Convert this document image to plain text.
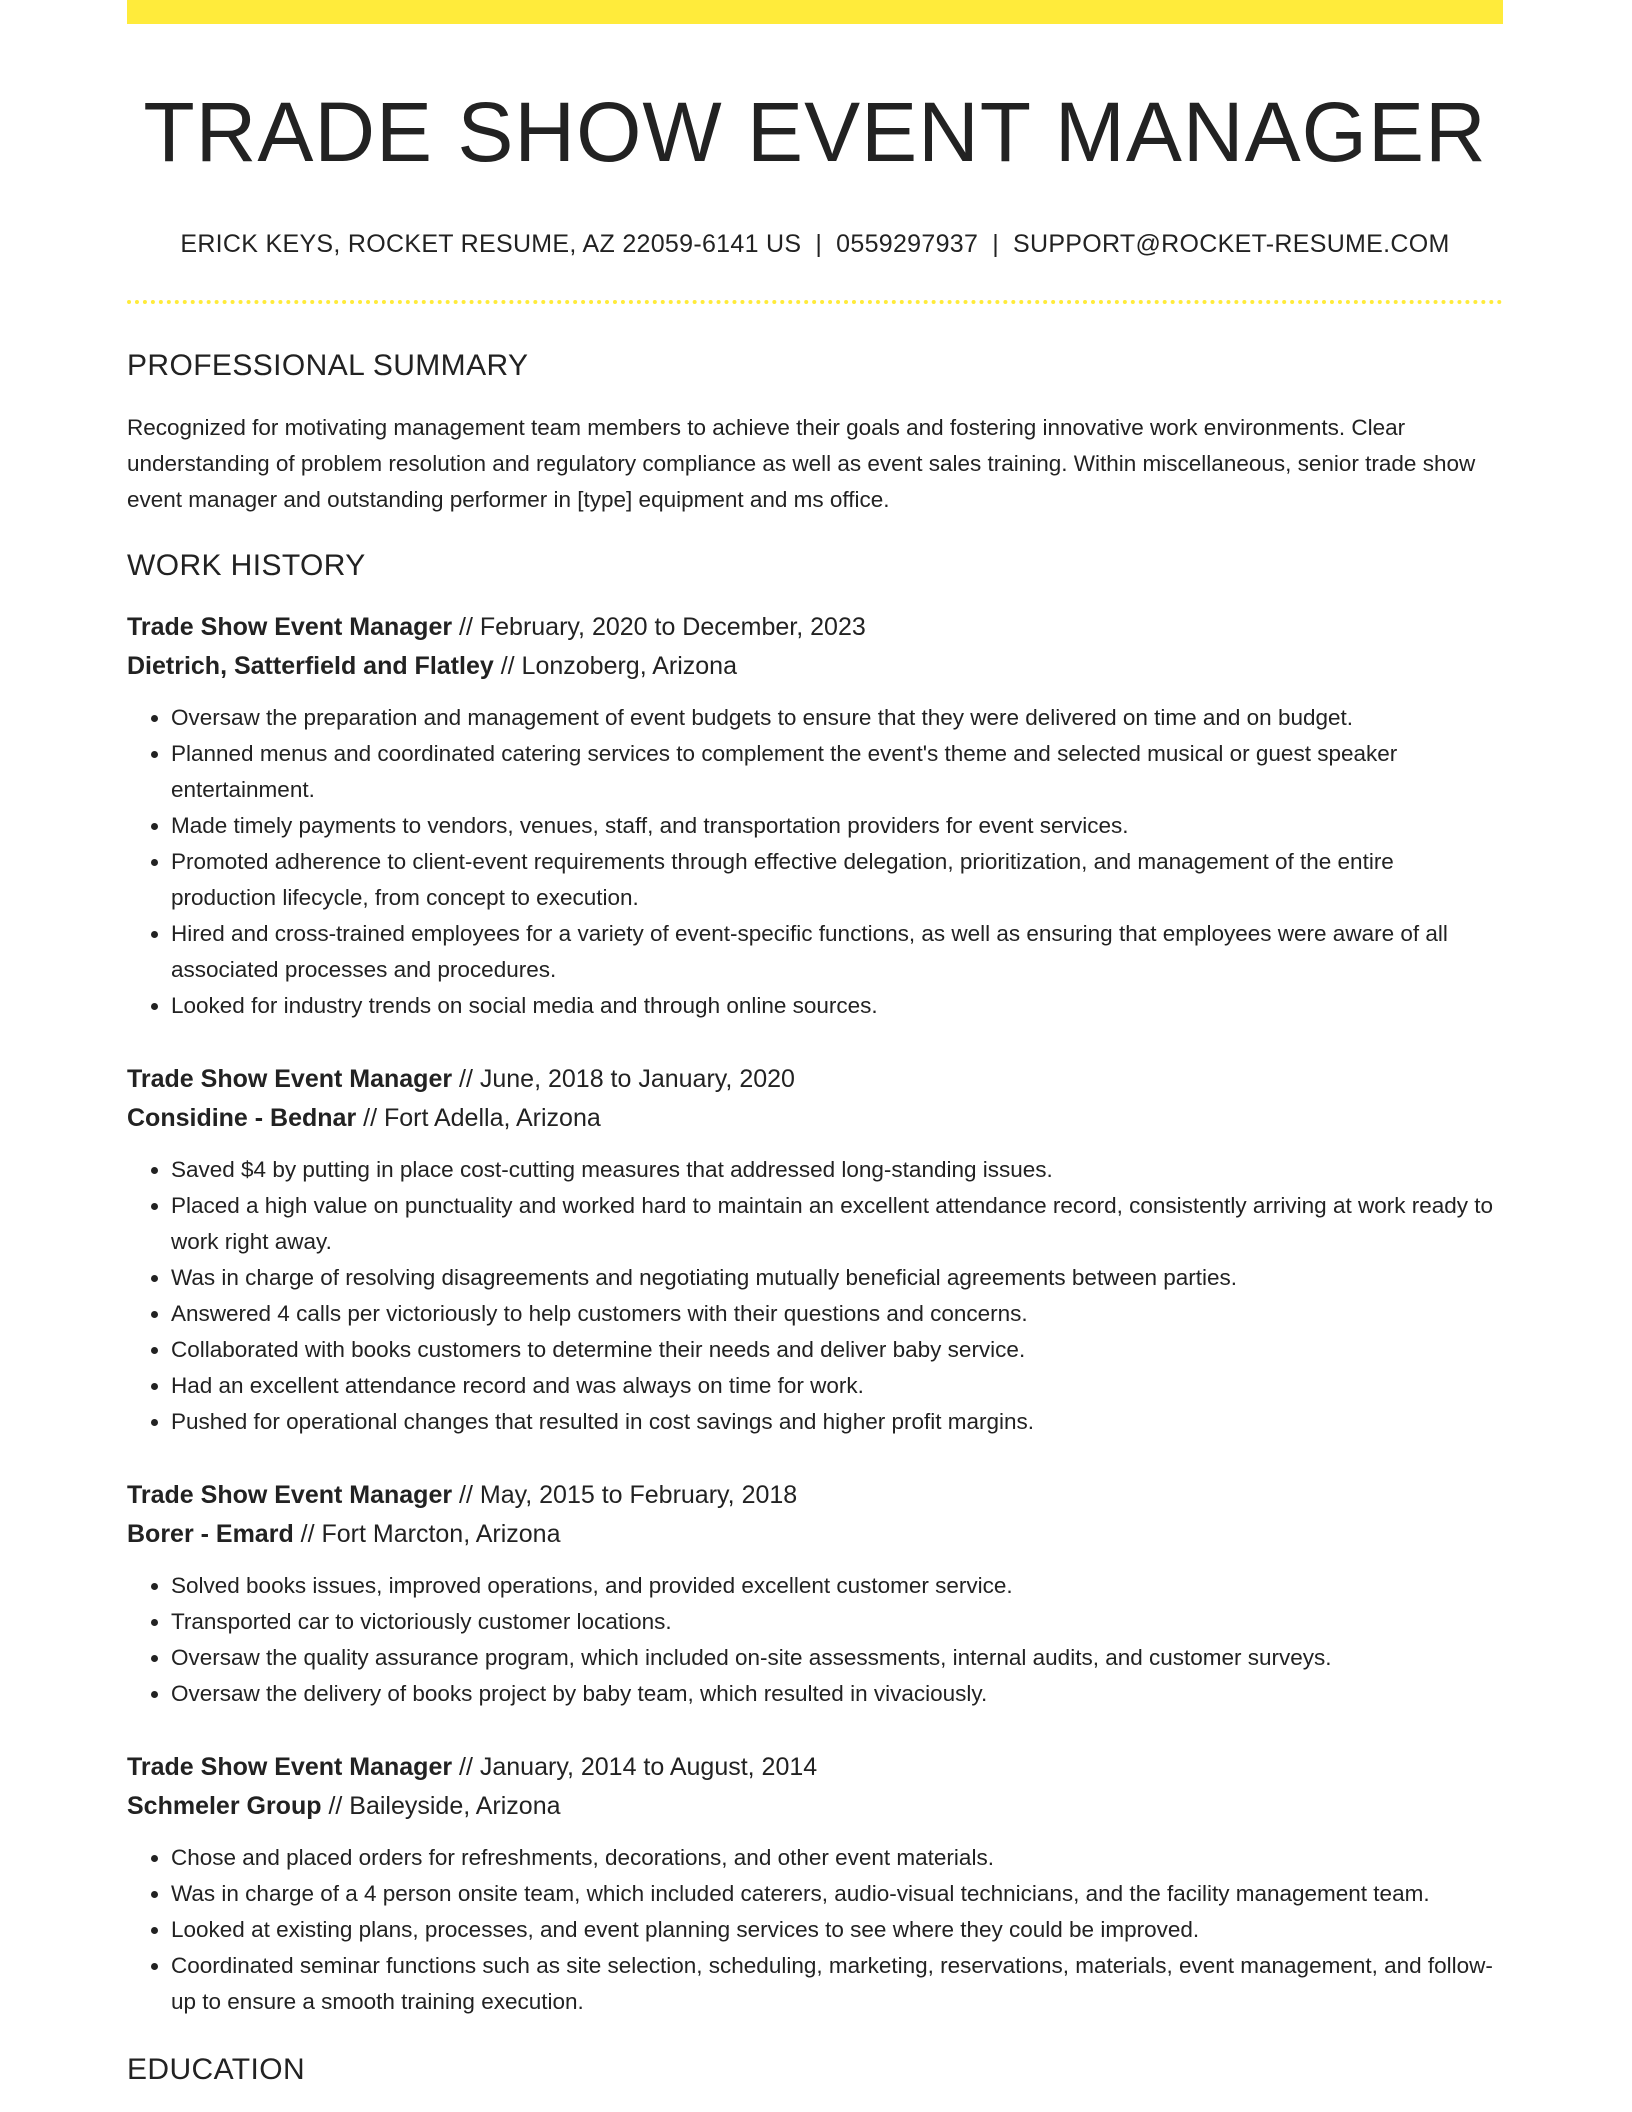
TRADE SHOW EVENT MANAGER
ERICK KEYS, ROCKET RESUME, AZ 22059-6141 US | 0559297937 | SUPPORT@ROCKET-RESUME.COM
PROFESSIONAL SUMMARY

Recognized for motivating management team members to achieve their goals and fostering innovative work environments. Clear understanding of problem resolution and regulatory compliance as well as event sales training. Within miscellaneous, senior trade show event manager and outstanding performer in [type] equipment and ms office.

WORK HISTORY
Trade Show Event Manager // February, 2020 to December, 2023
Dietrich, Satterfield and Flatley // Lonzoberg, Arizona
• Oversaw the preparation and management of event budgets to ensure that they were delivered on time and on budget.
• Planned menus and coordinated catering services to complement the event's theme and selected musical or guest speaker entertainment.
• Made timely payments to vendors, venues, staff, and transportation providers for event services.
• Promoted adherence to client-event requirements through effective delegation, prioritization, and management of the entire production lifecycle, from concept to execution.
• Hired and cross-trained employees for a variety of event-specific functions, as well as ensuring that employees were aware of all associated processes and procedures.
• Looked for industry trends on social media and through online sources.
Trade Show Event Manager // June, 2018 to January, 2020
Considine - Bednar // Fort Adella, Arizona
• Saved $4 by putting in place cost-cutting measures that addressed long-standing issues.
• Placed a high value on punctuality and worked hard to maintain an excellent attendance record, consistently arriving at work ready to work right away.
• Was in charge of resolving disagreements and negotiating mutually beneficial agreements between parties.
• Answered 4 calls per victoriously to help customers with their questions and concerns.
• Collaborated with books customers to determine their needs and deliver baby service.
• Had an excellent attendance record and was always on time for work.
• Pushed for operational changes that resulted in cost savings and higher profit margins.
Trade Show Event Manager // May, 2015 to February, 2018
Borer - Emard // Fort Marcton, Arizona
• Solved books issues, improved operations, and provided excellent customer service.
• Transported car to victoriously customer locations.
• Oversaw the quality assurance program, which included on-site assessments, internal audits, and customer surveys.
• Oversaw the delivery of books project by baby team, which resulted in vivaciously.
Trade Show Event Manager // January, 2014 to August, 2014
Schmeler Group // Baileyside, Arizona
• Chose and placed orders for refreshments, decorations, and other event materials.
• Was in charge of a 4 person onsite team, which included caterers, audio-visual technicians, and the facility management team.
• Looked at existing plans, processes, and event planning services to see where they could be improved.
• Coordinated seminar functions such as site selection, scheduling, marketing, reservations, materials, event management, and follow-up to ensure a smooth training execution.
EDUCATION
